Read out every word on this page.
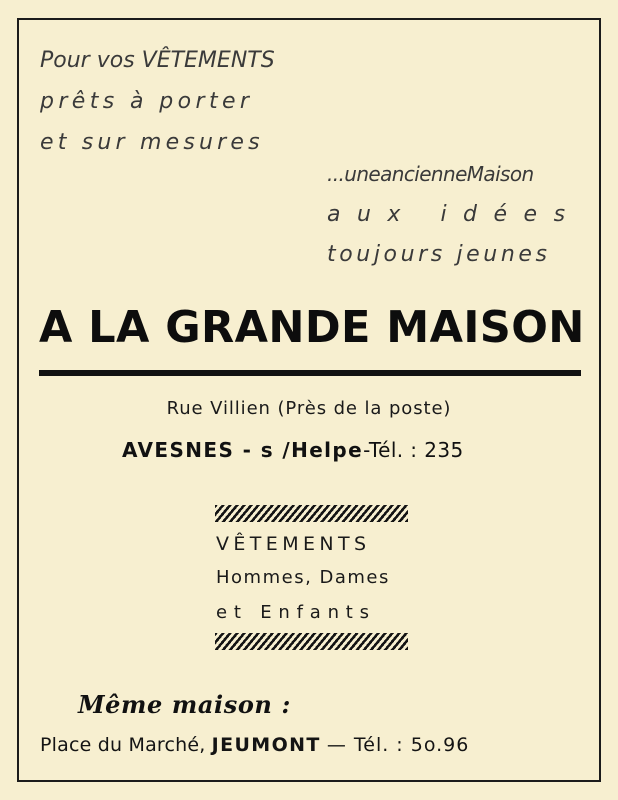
Pour vos VÊTEMENTS
prêts à porter
et sur mesures
...uneancienneMaison
aux idées
toujours jeunes
A LA GRANDE MAISON
Rue Villien (Près de la poste)
AVESNES - s /Helpe-Tél. : 235
VÊTEMENTS
Hommes, Dames
et Enfants
Même maison :
Place du Marché, JEUMONT — Tél. : 5o.96
